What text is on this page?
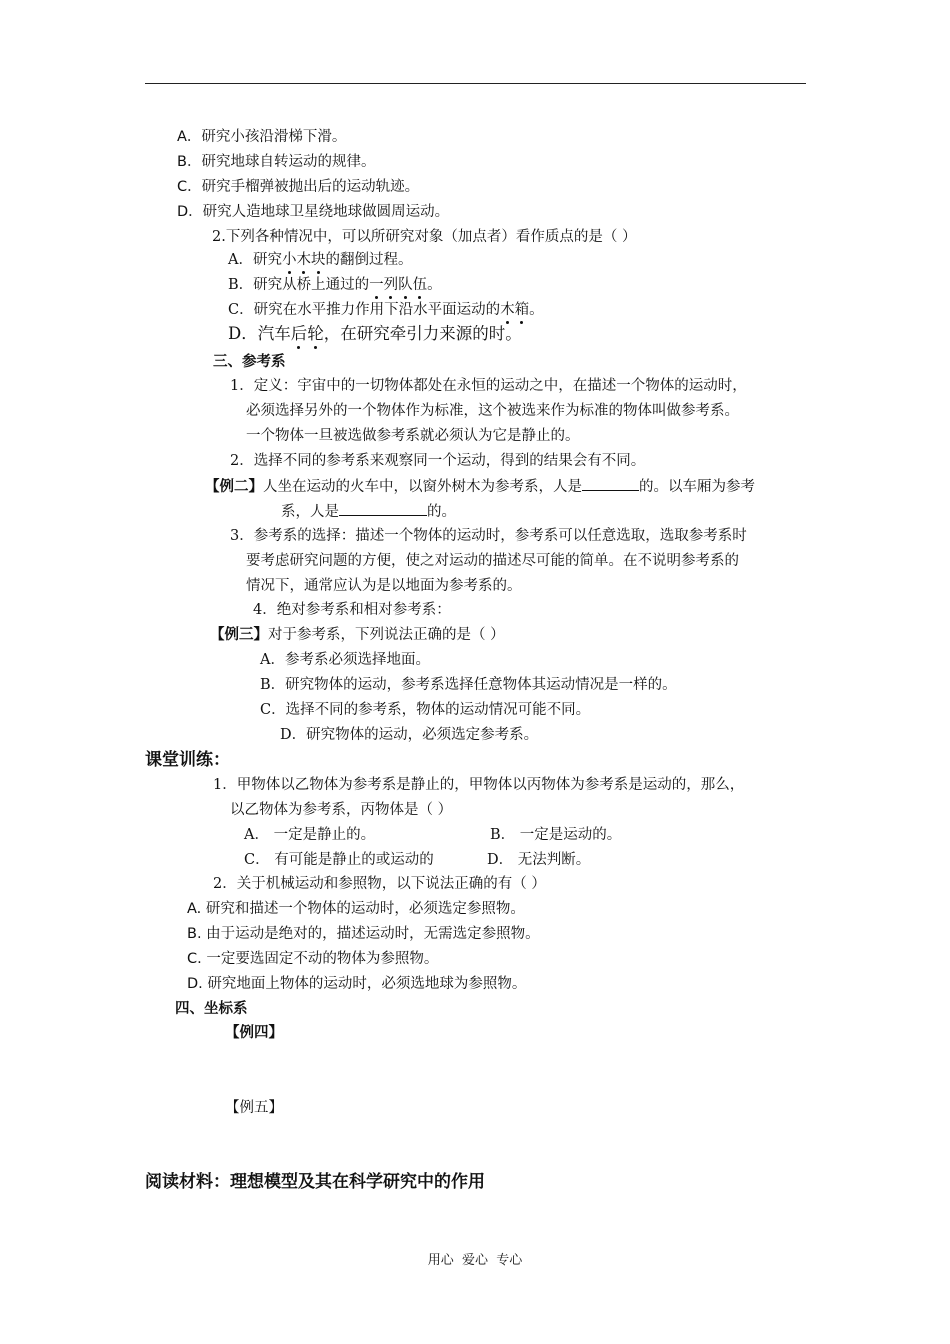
A．研究小孩沿滑梯下滑。
B．研究地球自转运动的规律。
C．研究手榴弹被抛出后的运动轨迹。
D．研究人造地球卫星绕地球做圆周运动。
2.下列各种情况中，可以所研究对象（加点者）看作质点的是（ ）
A．研究小木块的翻倒过程。
B．研究从桥上通过的一列队伍。
C．研究在水平推力作用下沿水平面运动的木箱。
D．汽车后轮，在研究牵引力来源的时。
三、参考系
1．定义：宇宙中的一切物体都处在永恒的运动之中，在描述一个物体的运动时，
必须选择另外的一个物体作为标准，这个被选来作为标准的物体叫做参考系。
一个物体一旦被选做参考系就必须认为它是静止的。
2．选择不同的参考系来观察同一个运动，得到的结果会有不同。
【例二】人坐在运动的火车中，以窗外树木为参考系，人是	的。以车厢为参考
系，人是	的。
3．参考系的选择：描述一个物体的运动时，参考系可以任意选取，选取参考系时
要考虑研究问题的方便，使之对运动的描述尽可能的简单。在不说明参考系的
情况下，通常应认为是以地面为参考系的。
4．绝对参考系和相对参考系：
【例三】对于参考系，下列说法正确的是（ ）
A．参考系必须选择地面。
B．研究物体的运动，参考系选择任意物体其运动情况是一样的。
C．选择不同的参考系，物体的运动情况可能不同。
D．研究物体的运动，必须选定参考系。
课堂训练：
1．甲物体以乙物体为参考系是静止的，甲物体以丙物体为参考系是运动的，那么，
以乙物体为参考系，丙物体是（ ）
A． 一定是静止的。	B． 一定是运动的。
C． 有可能是静止的或运动的	D． 无法判断。
2．关于机械运动和参照物，以下说法正确的有（ ）
A. 研究和描述一个物体的运动时，必须选定参照物。
B. 由于运动是绝对的，描述运动时，无需选定参照物。
C. 一定要选固定不动的物体为参照物。
D. 研究地面上物体的运动时，必须选地球为参照物。
四、坐标系
【例四】
【例五】
阅读材料：理想模型及其在科学研究中的作用
用心  爱心  专心
